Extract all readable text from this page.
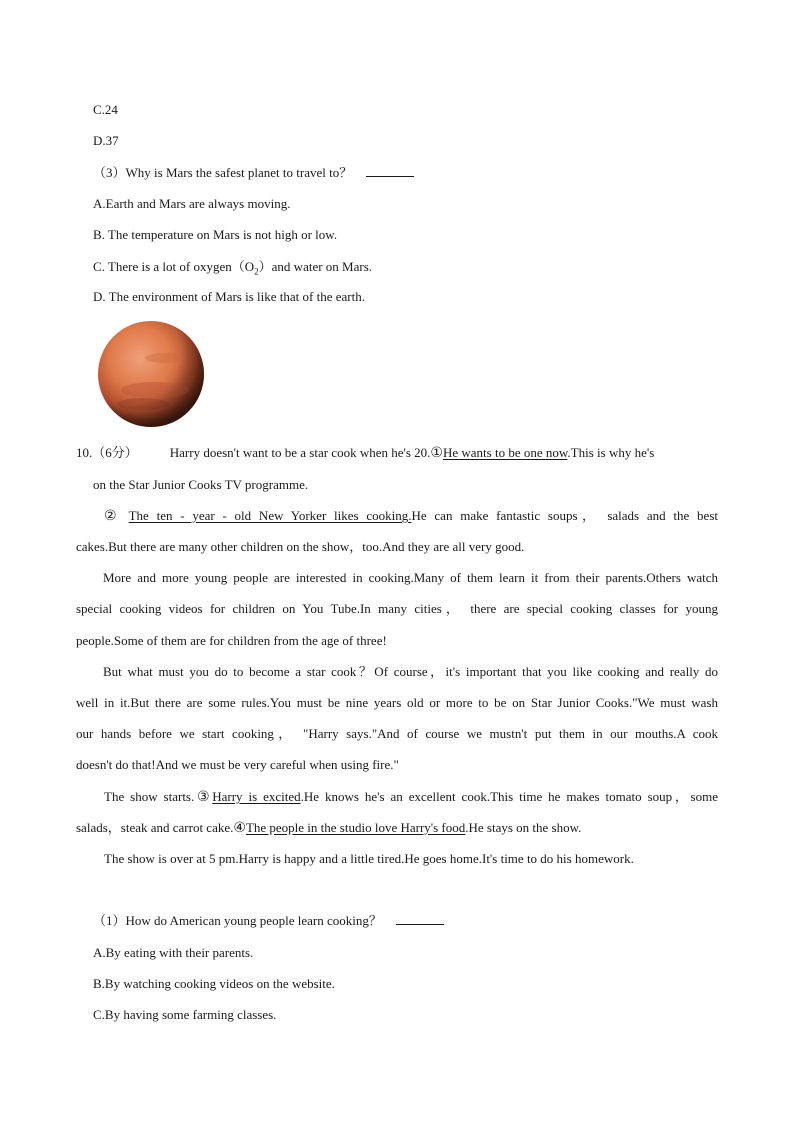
C.24
D.37
（3）Why is Mars the safest planet to travel to？
A.Earth and Mars are always moving.
B. The temperature on Mars is not high or low.
C. There is a lot of $oxygen(O_2)and$ water on Mars.
D. The environment of Mars is like that of the earth.
10.（6分） Harry doesn't want to be a star cook when he's 20.①He wants to be one now.This is why he's
on the Star Junior Cooks TV programme.
② The ten - year - old New Yorker likes cooking.He can make fantastic soups， salads and the best
cakes.But there are many other children on the show，too.And they are all very good.
More and more young people are interested in cooking.Many of them learn it from their parents.Others watch
special cooking videos for children on You Tube.In many cities， there are special cooking classes for young
people.Some of them are for children from the age of three!
But what must you do to become a star cook？Of course，it's important that you like cooking and really do
well in it.But there are some rules.You must be nine years old or more to be on Star Junior Cooks."We must wash
our hands before we start cooking， "Harry says."And of course we mustn't put them in our mouths.A cook
doesn't do that!And we must be very careful when using fire."
The show starts.③Harry is excited.He knows he's an excellent cook.This time he makes tomato soup，some
salads，steak and carrot cake.④The people in the studio love Harry's food.He stays on the show.
The show is over at 5 pm.Harry is happy and a little tired.He goes home.It's time to do his homework.
（1）How do American young people learn cooking？
A.By eating with their parents.
B.By watching cooking videos on the website.
C.By having some farming classes.
